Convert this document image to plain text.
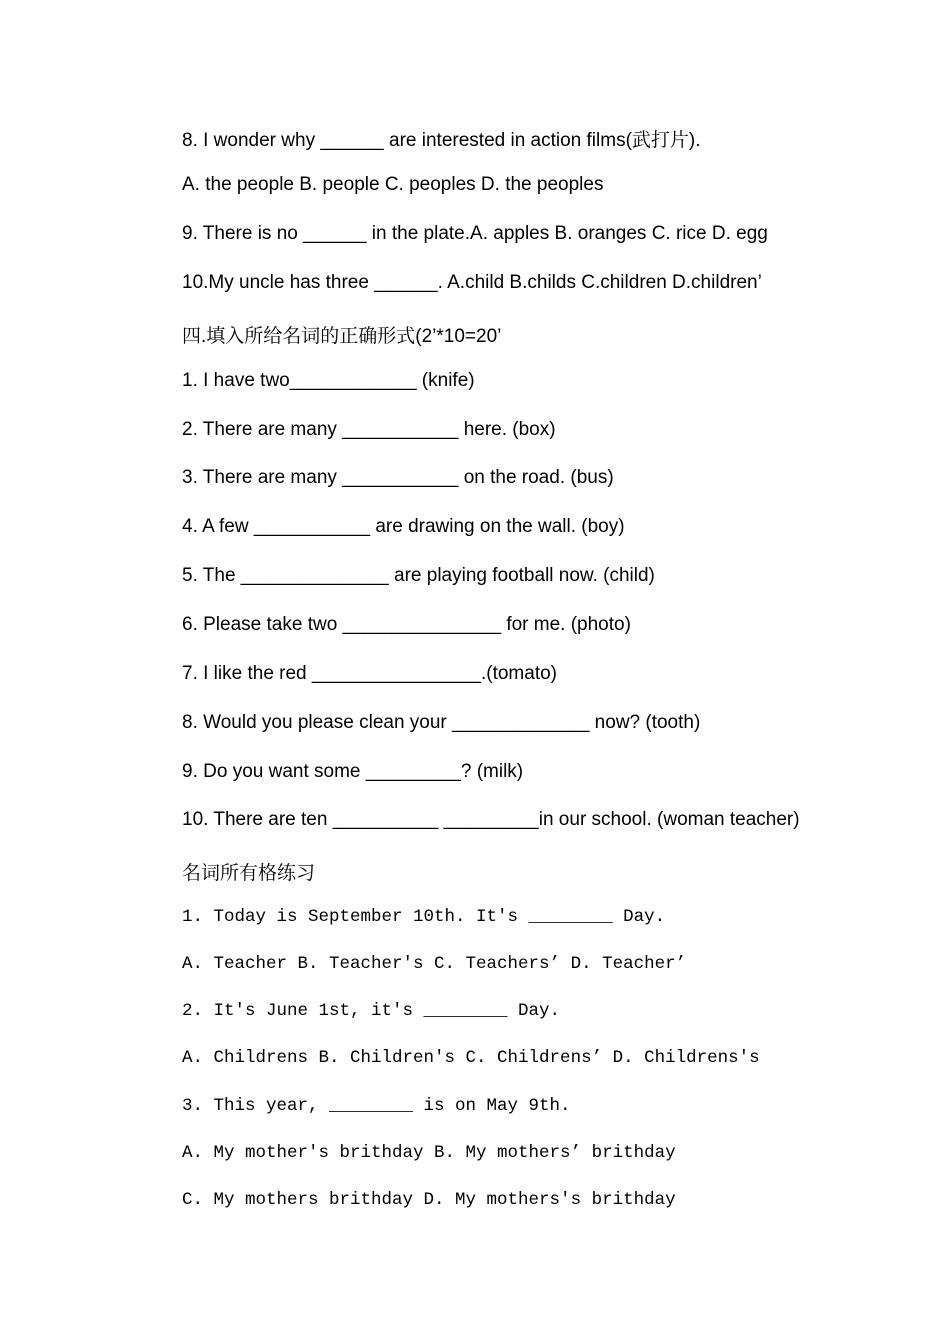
8. I wonder why ______ are interested in action films(武打片).
A. the people B. people C. peoples D. the peoples
9. There is no ______ in the plate.A. apples B. oranges C. rice D. egg
10.My uncle has three ______. A.child B.childs C.children D.children’
四.填入所给名词的正确形式(2’*10=20’
1. I have two____________ (knife)
2. There are many ___________ here. (box)
3. There are many ___________ on the road. (bus)
4. A few ___________ are drawing on the wall. (boy)
5. The ______________ are playing football now. (child)
6. Please take two _______________ for me. (photo)
7. I like the red ________________.(tomato)
8. Would you please clean your _____________ now? (tooth)
9. Do you want some _________? (milk)
10. There are ten __________ _________in our school. (woman teacher)
名词所有格练习
1. Today is September 10th. It's ________ Day.
A. Teacher B. Teacher's C. Teachers’ D. Teacher’
2. It's June 1st, it's ________ Day.
A. Childrens B. Children's C. Childrens’ D. Childrens's
3. This year, ________ is on May 9th.
A. My mother's brithday B. My mothers’ brithday
C. My mothers brithday D. My mothers's brithday
